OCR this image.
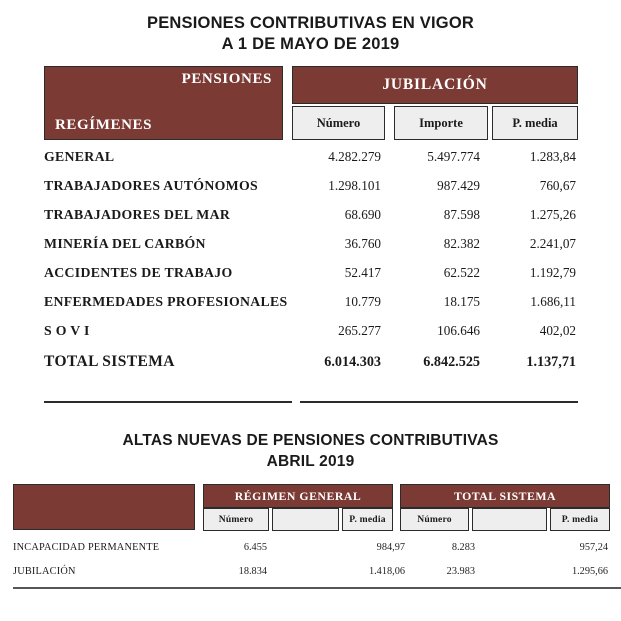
PENSIONES CONTRIBUTIVAS EN VIGOR
A 1 DE MAYO DE 2019
PENSIONES
REGÍMENES
JUBILACIÓN
Número	Importe	P. media
GENERAL	4.282.279	5.497.774	1.283,84
TRABAJADORES AUTÓNOMOS	1.298.101	987.429	760,67
TRABAJADORES DEL MAR	68.690	87.598	1.275,26
MINERÍA DEL CARBÓN	36.760	82.382	2.241,07
ACCIDENTES DE TRABAJO	52.417	62.522	1.192,79
ENFERMEDADES PROFESIONALES	10.779	18.175	1.686,11
S O V I	265.277	106.646	402,02
TOTAL SISTEMA	6.014.303	6.842.525	1.137,71
ALTAS NUEVAS DE PENSIONES CONTRIBUTIVAS
ABRIL 2019
RÉGIMEN GENERAL	TOTAL SISTEMA
Número	P. media	Número	P. media
INCAPACIDAD PERMANENTE	6.455	984,97	8.283	957,24
JUBILACIÓN	18.834	1.418,06	23.983	1.295,66
